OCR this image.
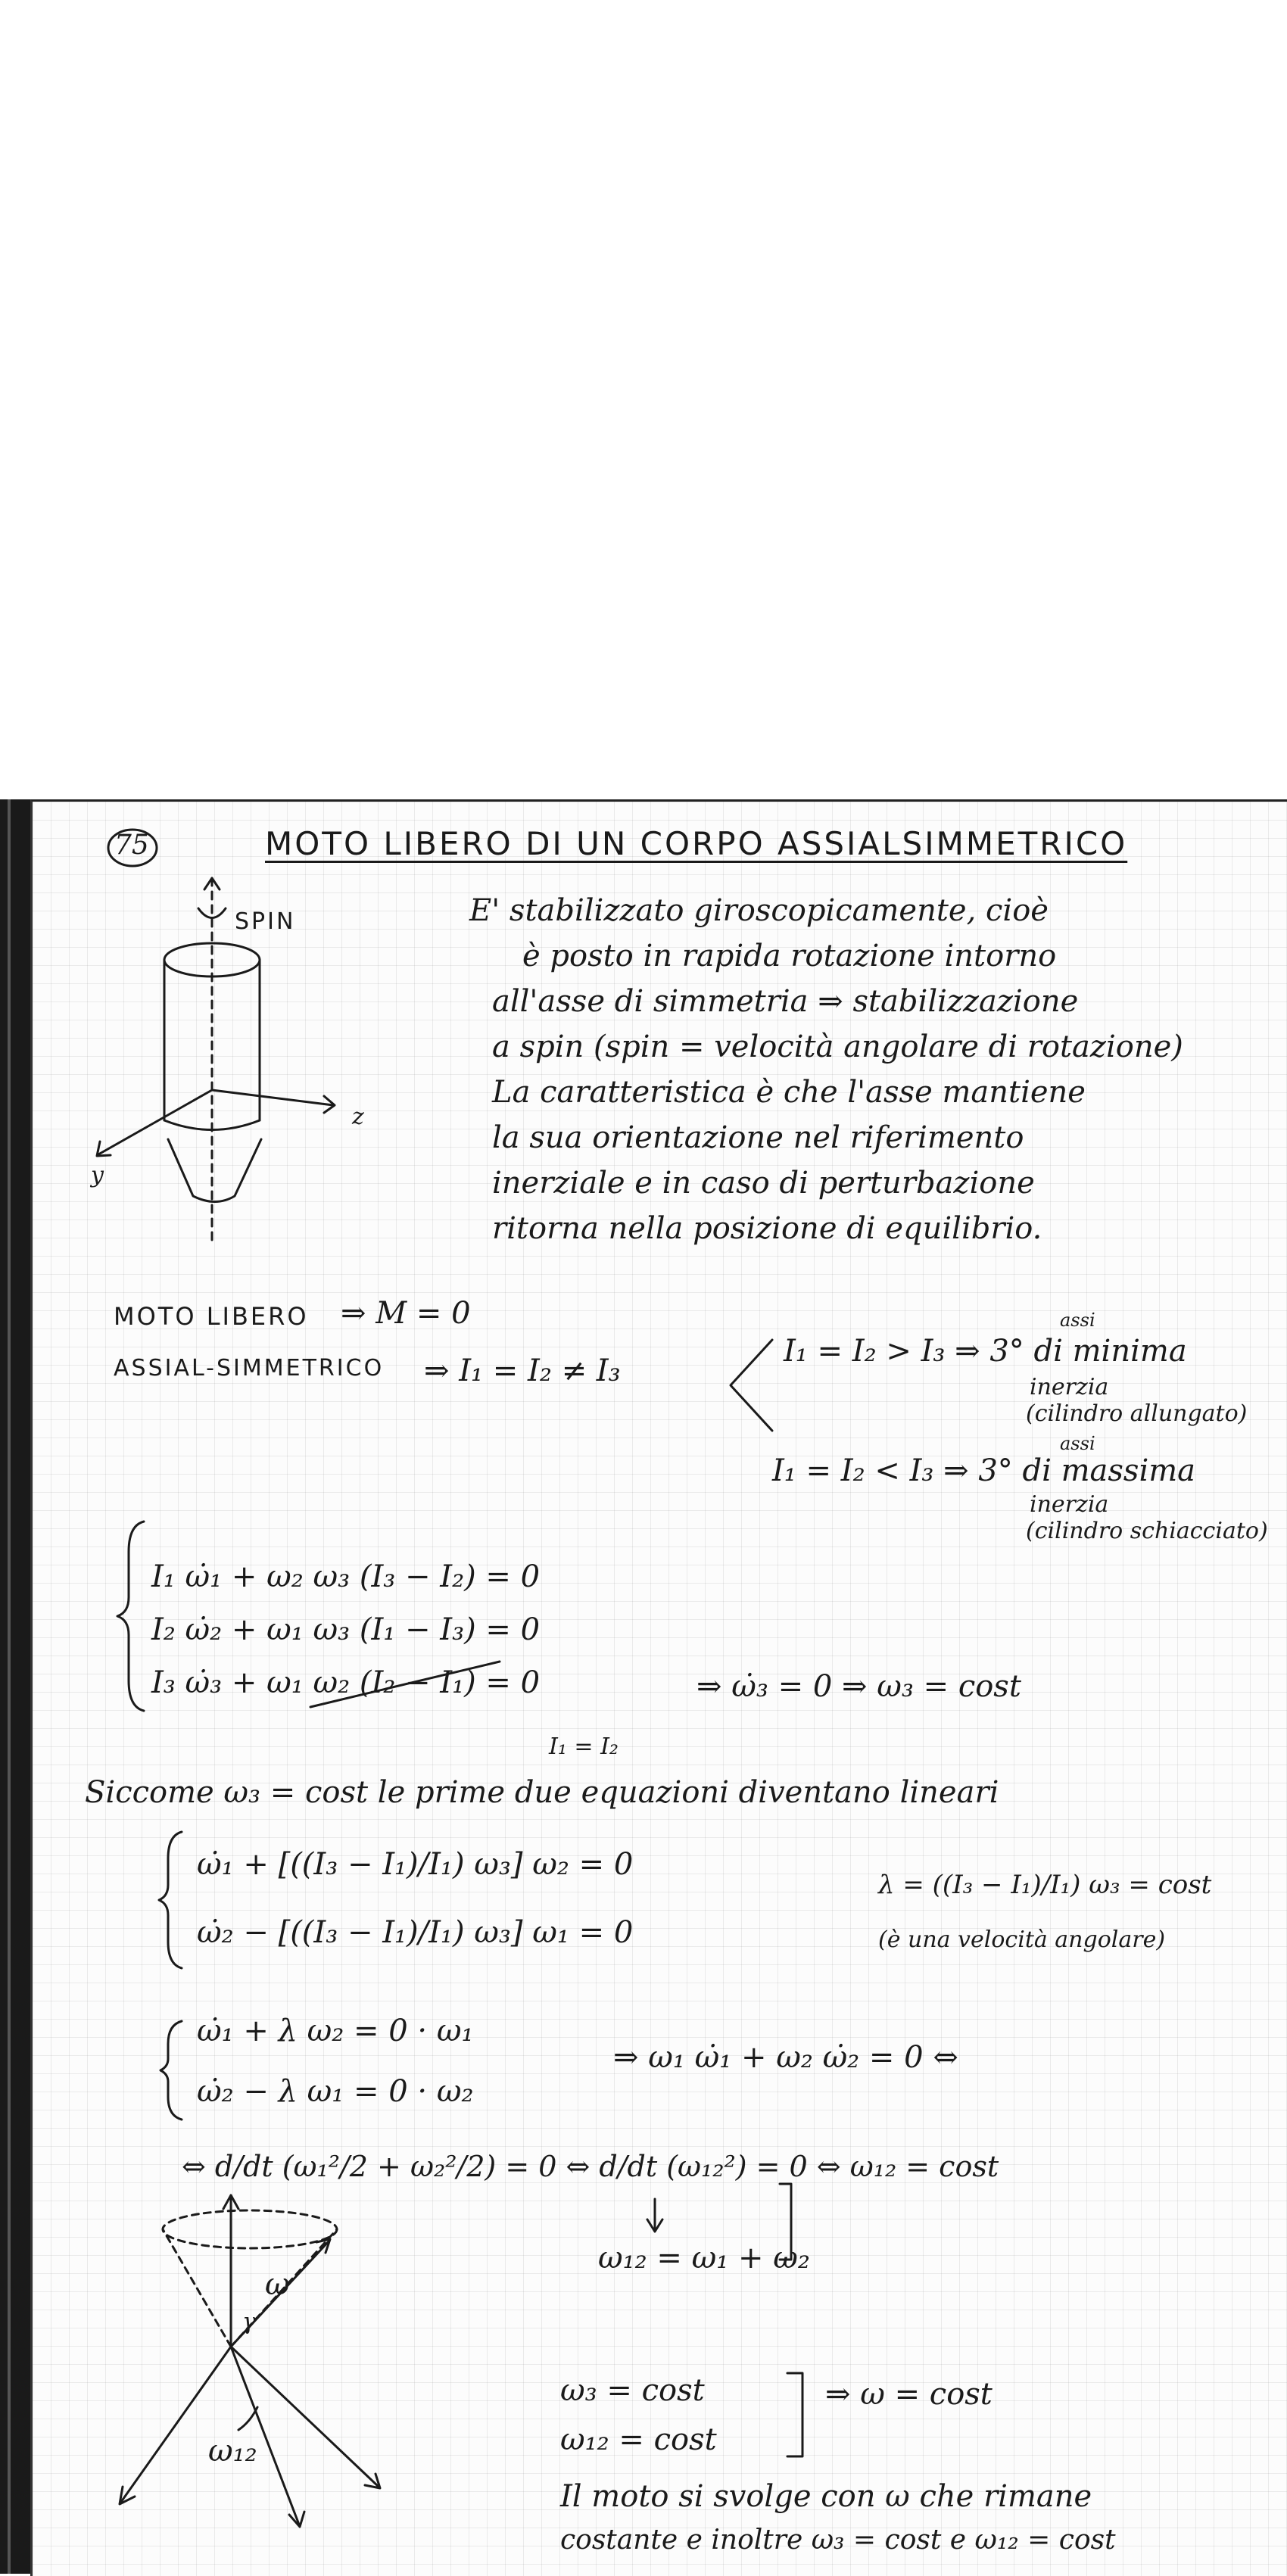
75	MOTO LIBERO DI UN CORPO ASSIALSIMMETRICO
SPIN
z
y
E' stabilizzato giroscopicamente, cioè
è posto in rapida rotazione intorno
all'asse di simmetria ⇒ stabilizzazione
a spin (spin = velocità angolare di rotazione)
La caratteristica è che l'asse mantiene
la sua orientazione nel riferimento
inerziale e in caso di perturbazione
ritorna nella posizione di equilibrio.
MOTO LIBERO ⇒ M = 0
ASSIAL-SIMMETRICO ⇒ I₁ = I₂ ≠ I₃
assi
I₁ = I₂ > I₃ ⇒ 3° di minima
inerzia
(cilindro allungato)
assi
I₁ = I₂ < I₃ ⇒ 3° di massima
inerzia
(cilindro schiacciato)
I₁ ω̇₁ + ω₂ ω₃ (I₃ − I₂) = 0
I₂ ω̇₂ + ω₁ ω₃ (I₁ − I₃) = 0
I₃ ω̇₃ + ω₁ ω₂ (I₂ − I₁) = 0	⇒ ω̇₃ = 0 ⇒ ω₃ = cost
I₁ = I₂
Siccome ω₃ = cost le prime due equazioni diventano lineari
ω̇₁ + [((I₃ − I₁)/I₁) ω₃] ω₂ = 0
ω̇₂ − [((I₃ − I₁)/I₁) ω₃] ω₁ = 0
λ = ((I₃ − I₁)/I₁) ω₃ = cost
(è una velocità angolare)
ω̇₁ + λ ω₂ = 0 · ω₁
ω̇₂ − λ ω₁ = 0 · ω₂
⇒ ω₁ ω̇₁ + ω₂ ω̇₂ = 0 ⇔
⇔ d/dt (ω₁²/2 + ω₂²/2) = 0 ⇔ d/dt (ω₁₂²) = 0 ⇔ ω₁₂ = cost
ω₁₂ = ω₁ + ω₂
ω
γ
ω₁₂
ω₃ = cost
ω₁₂ = cost
⇒ ω = cost
Il moto si svolge con ω che rimane
costante e inoltre ω₃ = cost e ω₁₂ = cost
